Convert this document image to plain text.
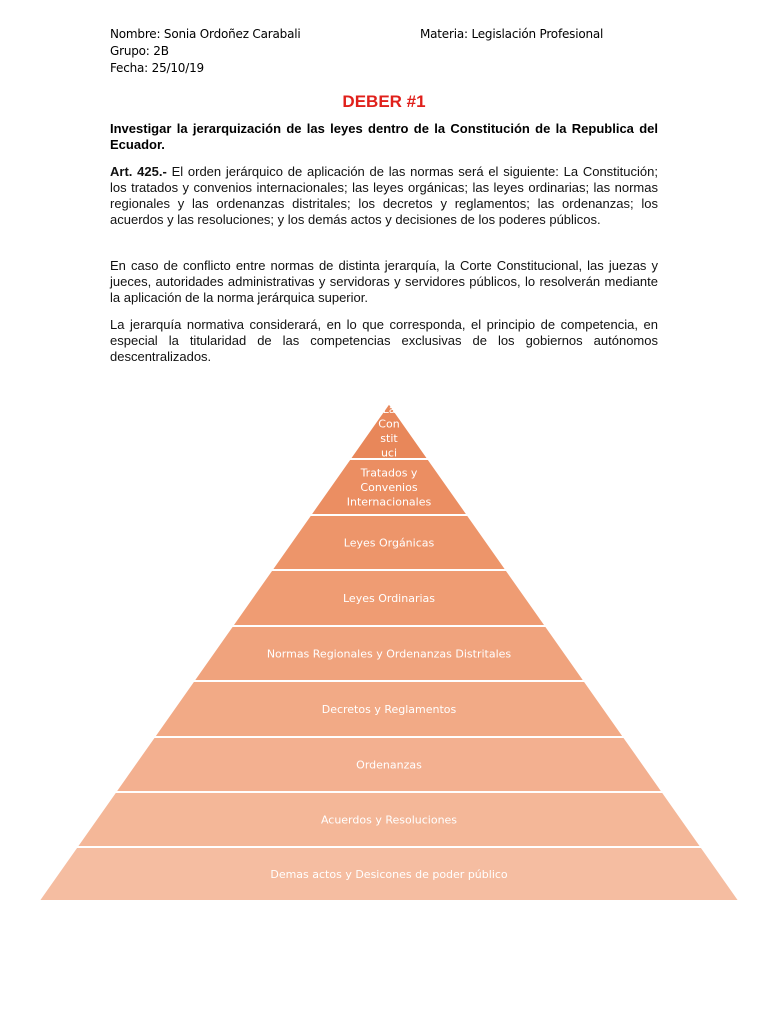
Nombre: Sonia Ordoñez Carabali
Grupo: 2B
Fecha: 25/10/19
Materia: Legislación Profesional
DEBER #1
Investigar la jerarquización de las leyes dentro de la Constitución de la Republica del Ecuador.
Art. 425.- El orden jerárquico de aplicación de las normas será el siguiente: La Constitución; los tratados y convenios internacionales; las leyes orgánicas; las leyes ordinarias; las normas regionales y las ordenanzas distritales; los decretos y reglamentos; las ordenanzas; los acuerdos y las resoluciones; y los demás actos y decisiones de los poderes públicos.
En caso de conflicto entre normas de distinta jerarquía, la Corte Constitucional, las juezas y jueces, autoridades administrativas y servidoras y servidores públicos, lo resolverán mediante la aplicación de la norma jerárquica superior.
La jerarquía normativa considerará, en lo que corresponda, el principio de competencia, en especial la titularidad de las competencias exclusivas de los gobiernos autónomos descentralizados.
La
Con
stit
uci
Tratados y
Convenios
Internacionales
Leyes Orgánicas
Leyes Ordinarias
Normas Regionales y Ordenanzas Distritales
Decretos y Reglamentos
Ordenanzas
Acuerdos y Resoluciones
Demas actos y Desicones de poder público
